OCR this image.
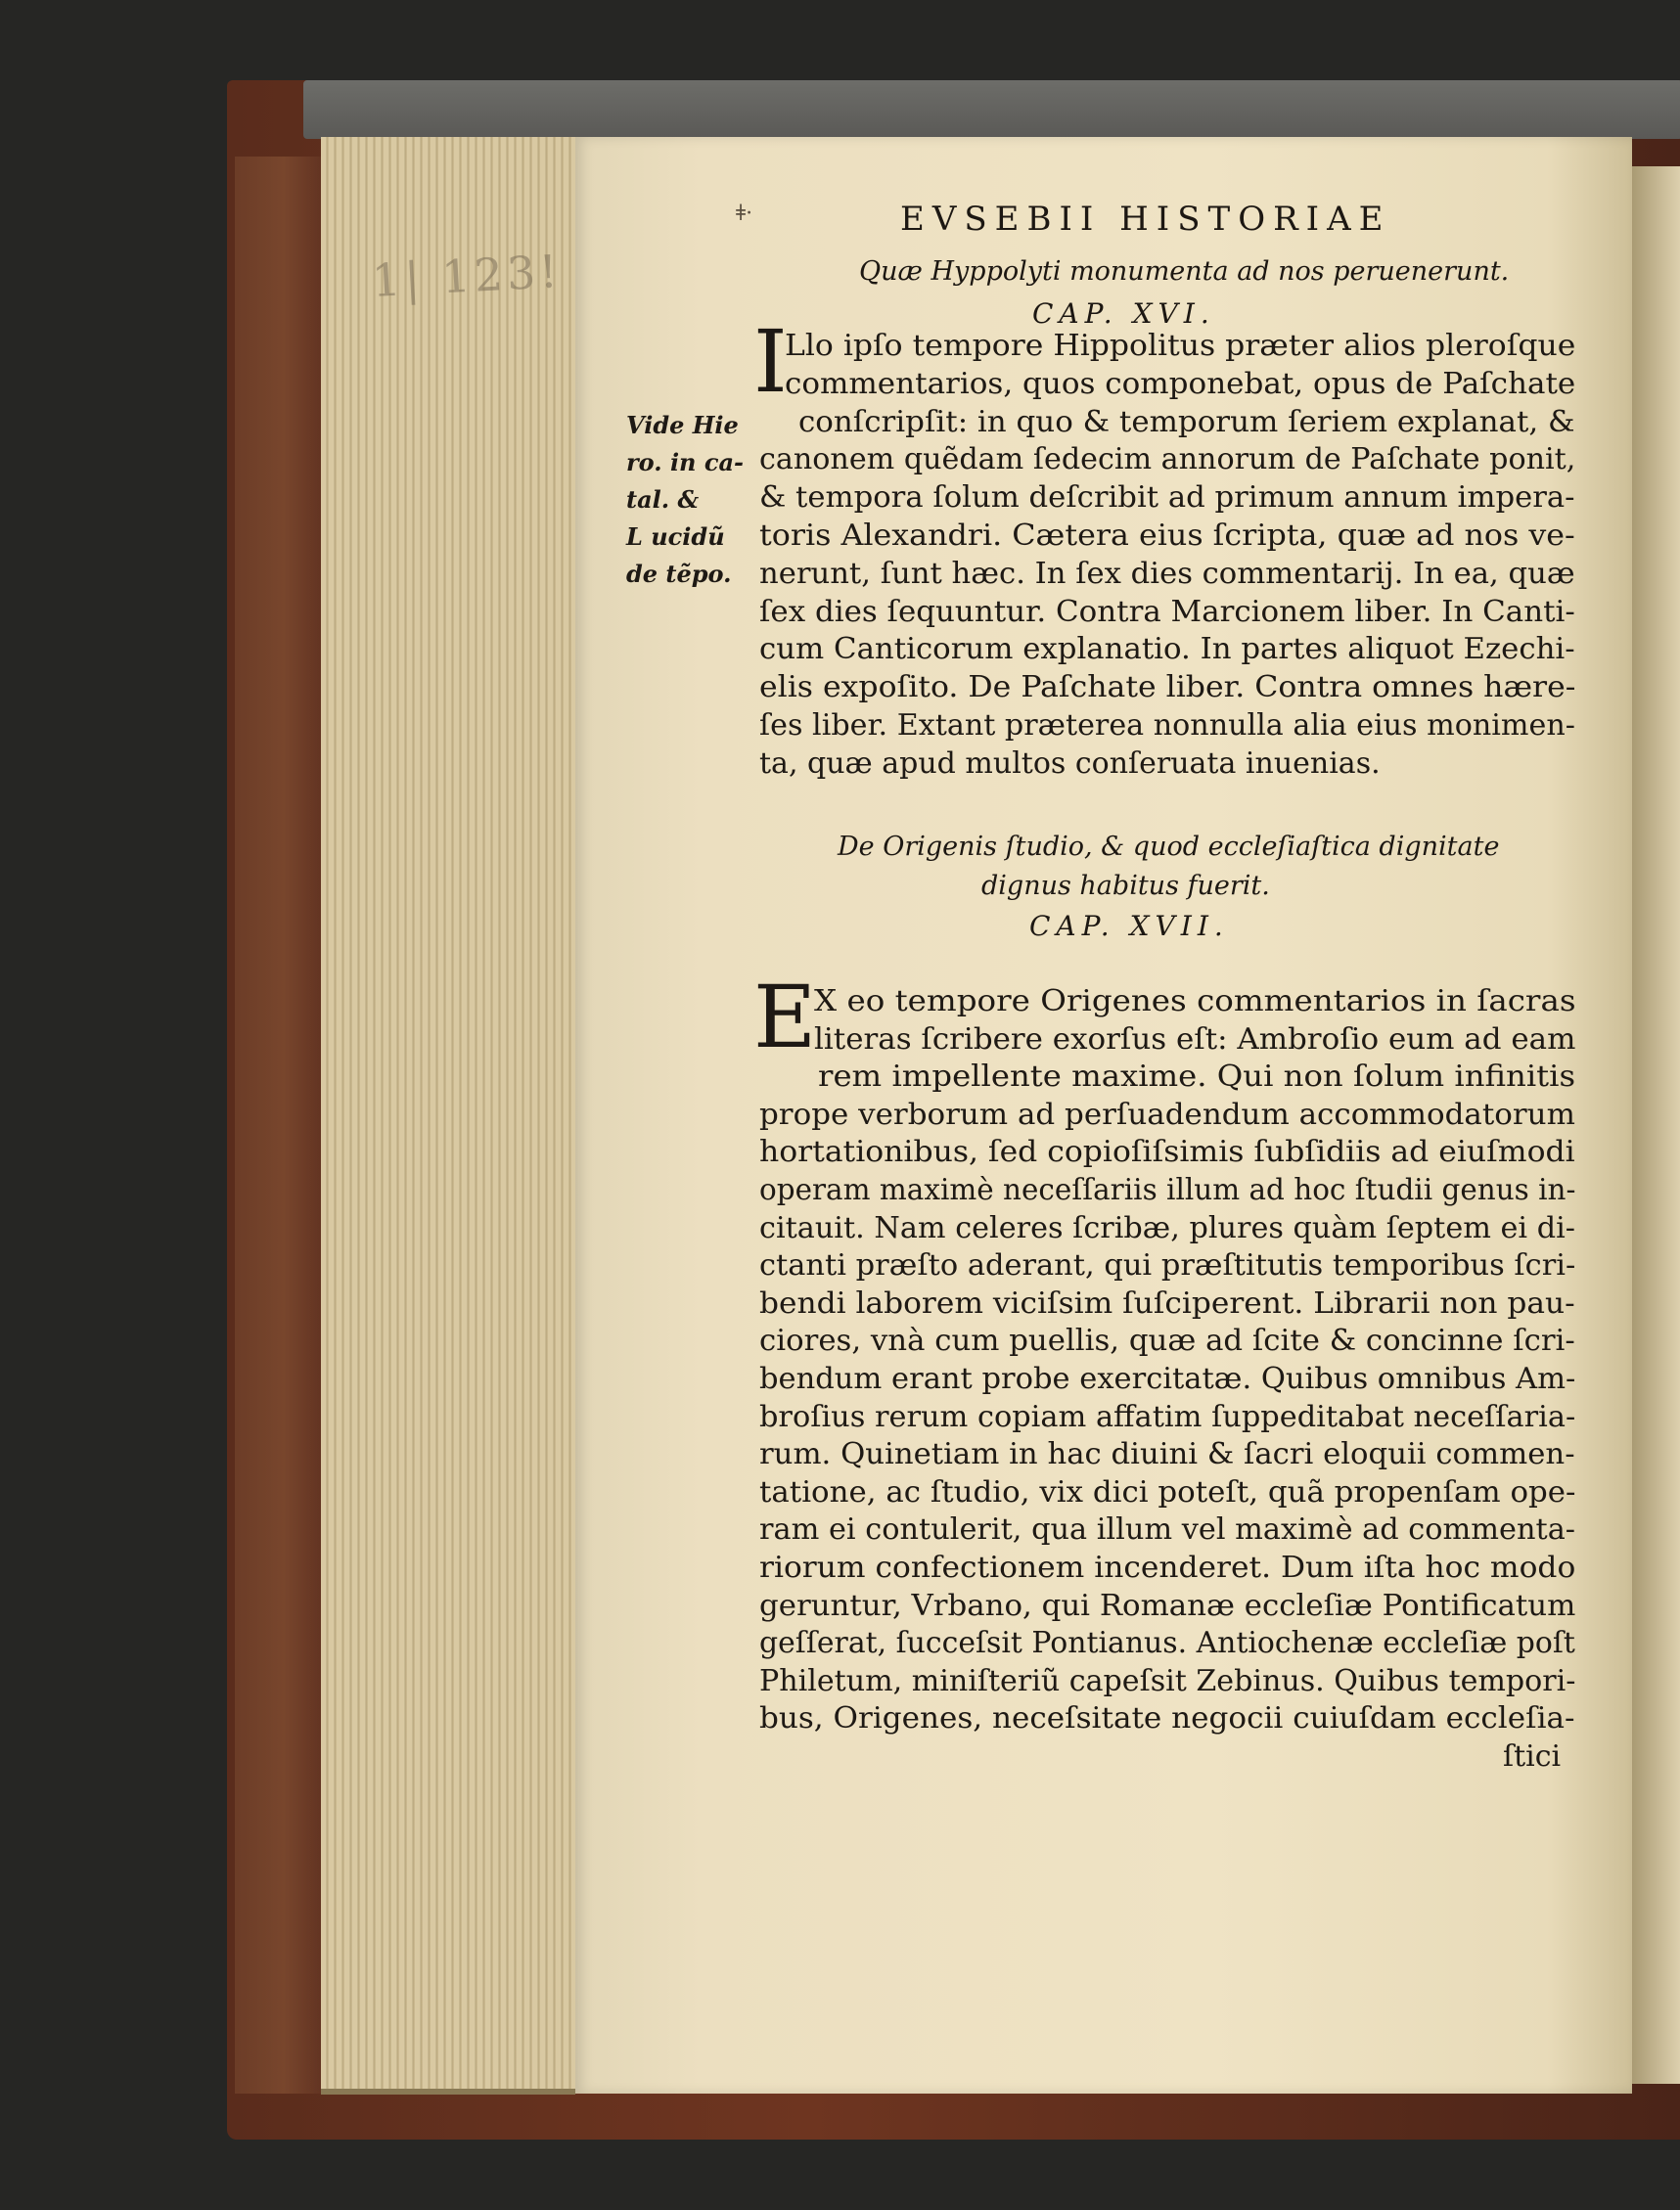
1| 123!
ǂ·	EVSEBII HISTORIAE
Quæ Hyppolyti monumenta ad nos peruenerunt.
CAP. XVI.
I
Llo ipſo tempore Hippolitus præter alios pleroſque
commentarios, quos componebat, opus de Paſchate
conſcripſit: in quo & temporum ſeriem explanat, &
canonem quẽdam ſedecim annorum de Paſchate ponit,
& tempora ſolum deſcribit ad primum annum impera-
toris Alexandri. Cætera eius ſcripta, quæ ad nos ve-
nerunt, ſunt hæc. In ſex dies commentarij. In ea, quæ
ſex dies ſequuntur. Contra Marcionem liber. In Canti-
cum Canticorum explanatio. In partes aliquot Ezechi-
elis expoſito. De Paſchate liber. Contra omnes hære-
ſes liber. Extant præterea nonnulla alia eius monimen-
ta, quæ apud multos conſeruata inuenias.
Vide Hie
ro. in ca-
tal. &
L ucidũ
de tẽpo.
De Origenis ſtudio, & quod eccleſiaſtica dignitate
dignus habitus fuerit.
CAP. XVII.
E
X eo tempore Origenes commentarios in ſacras
literas ſcribere exorſus eſt: Ambroſio eum ad eam
rem impellente maxime. Qui non ſolum infinitis
prope verborum ad perſuadendum accommodatorum
hortationibus, ſed copioſiſsimis ſubſidiis ad eiuſmodi
operam maximè neceſſariis illum ad hoc ſtudii genus in-
citauit. Nam celeres ſcribæ, plures quàm ſeptem ei di-
ctanti præſto aderant, qui præſtitutis temporibus ſcri-
bendi laborem viciſsim ſuſciperent. Librarii non pau-
ciores, vnà cum puellis, quæ ad ſcite & concinne ſcri-
bendum erant probe exercitatæ. Quibus omnibus Am-
broſius rerum copiam affatim ſuppeditabat neceſſaria-
rum. Quinetiam in hac diuini & ſacri eloquii commen-
tatione, ac ſtudio, vix dici poteſt, quã propenſam ope-
ram ei contulerit, qua illum vel maximè ad commenta-
riorum confectionem incenderet. Dum iſta hoc modo
geruntur, Vrbano, qui Romanæ eccleſiæ Pontificatum
geſſerat, ſucceſsit Pontianus. Antiochenæ eccleſiæ poſt
Philetum, miniſteriũ capeſsit Zebinus. Quibus tempori-
bus, Origenes, neceſsitate negocii cuiuſdam eccleſia-
ſtici
